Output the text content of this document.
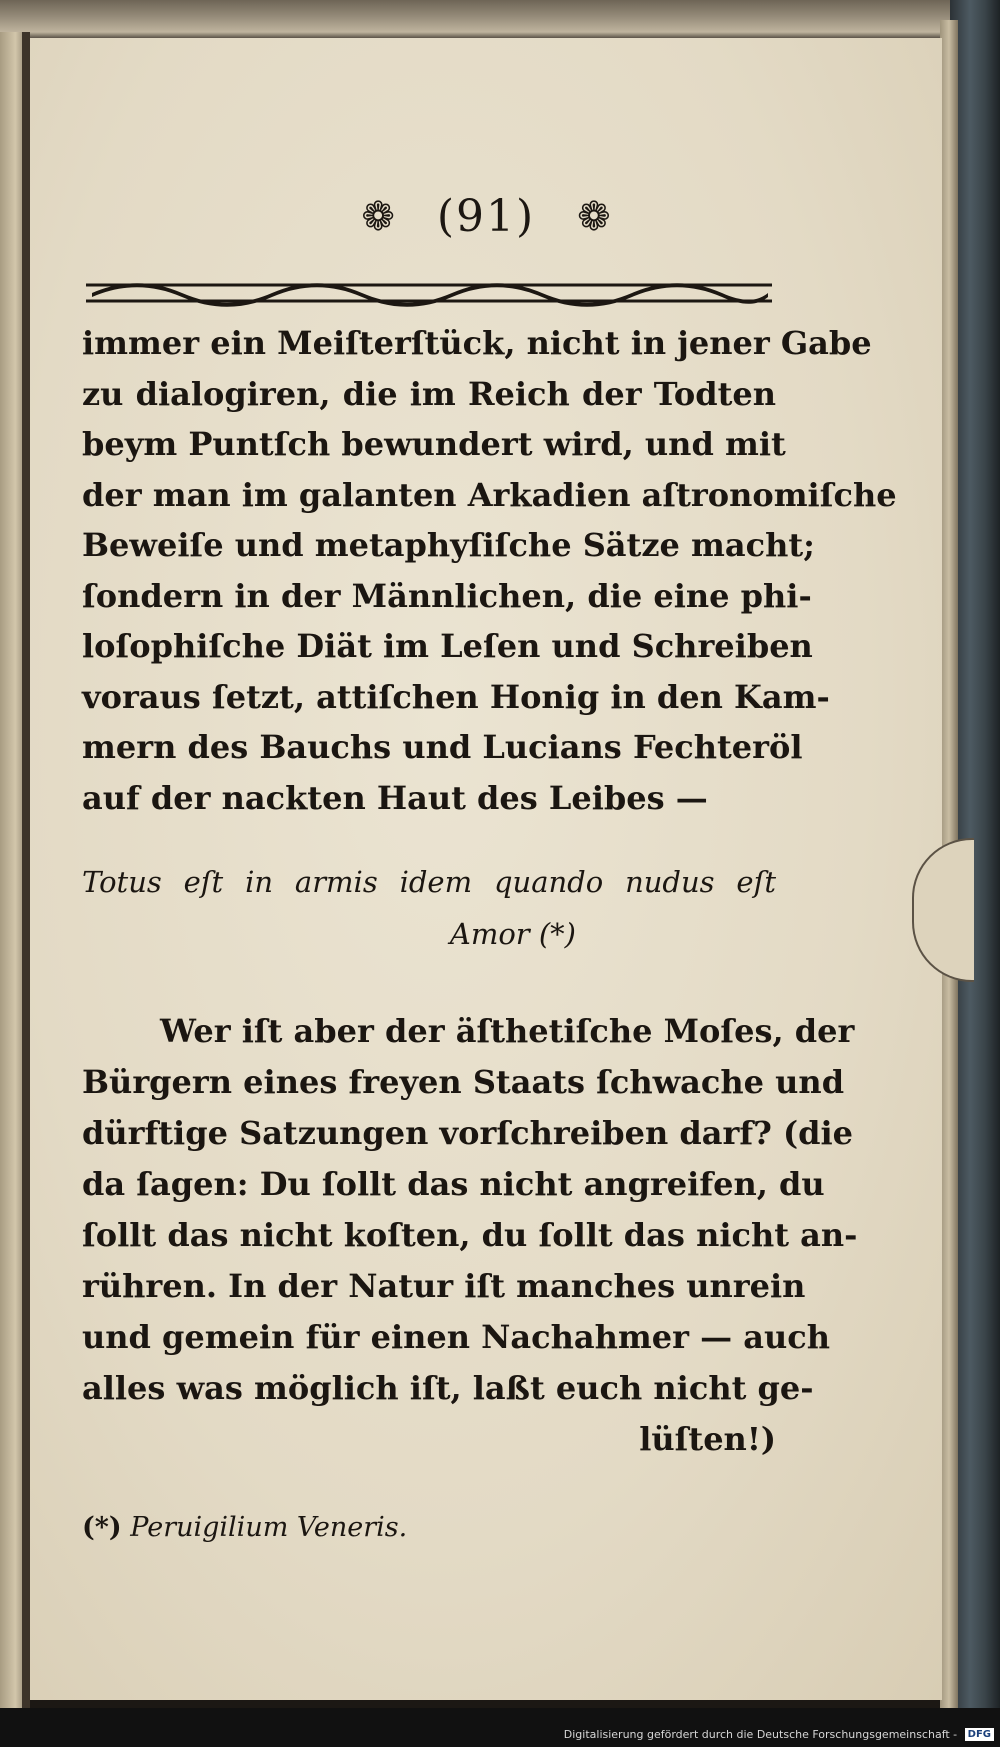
❁ (91) ❁
immer ein Meiſterſtück, nicht in jener Gabe
zu dialogiren, die im Reich der Todten
beym Puntſch bewundert wird, und mit
der man im galanten Arkadien aſtronomiſche
Beweiſe und metaphyſiſche Sätze macht;
ſondern in der Männlichen, die eine phi-
loſophiſche Diät im Leſen und Schreiben
voraus ſetzt, attiſchen Honig in den Kam-
mern des Bauchs und Lucians Fechteröl
auf der nackten Haut des Leibes —
Totus eſt in armis idem quando nudus eſt
Amor (*)
Wer iſt aber der äſthetiſche Moſes, der
Bürgern eines freyen Staats ſchwache und
dürftige Satzungen vorſchreiben darf? (die
da ſagen: Du ſollt das nicht angreifen, du
ſollt das nicht koſten, du ſollt das nicht an-
rühren. In der Natur iſt manches unrein
und gemein für einen Nachahmer — auch
alles was möglich iſt, laßt euch nicht ge-
lüſten!)
(*) Peruigilium Veneris.
Digitalisierung gefördert durch die Deutsche Forschungsgemeinschaft - DFG
